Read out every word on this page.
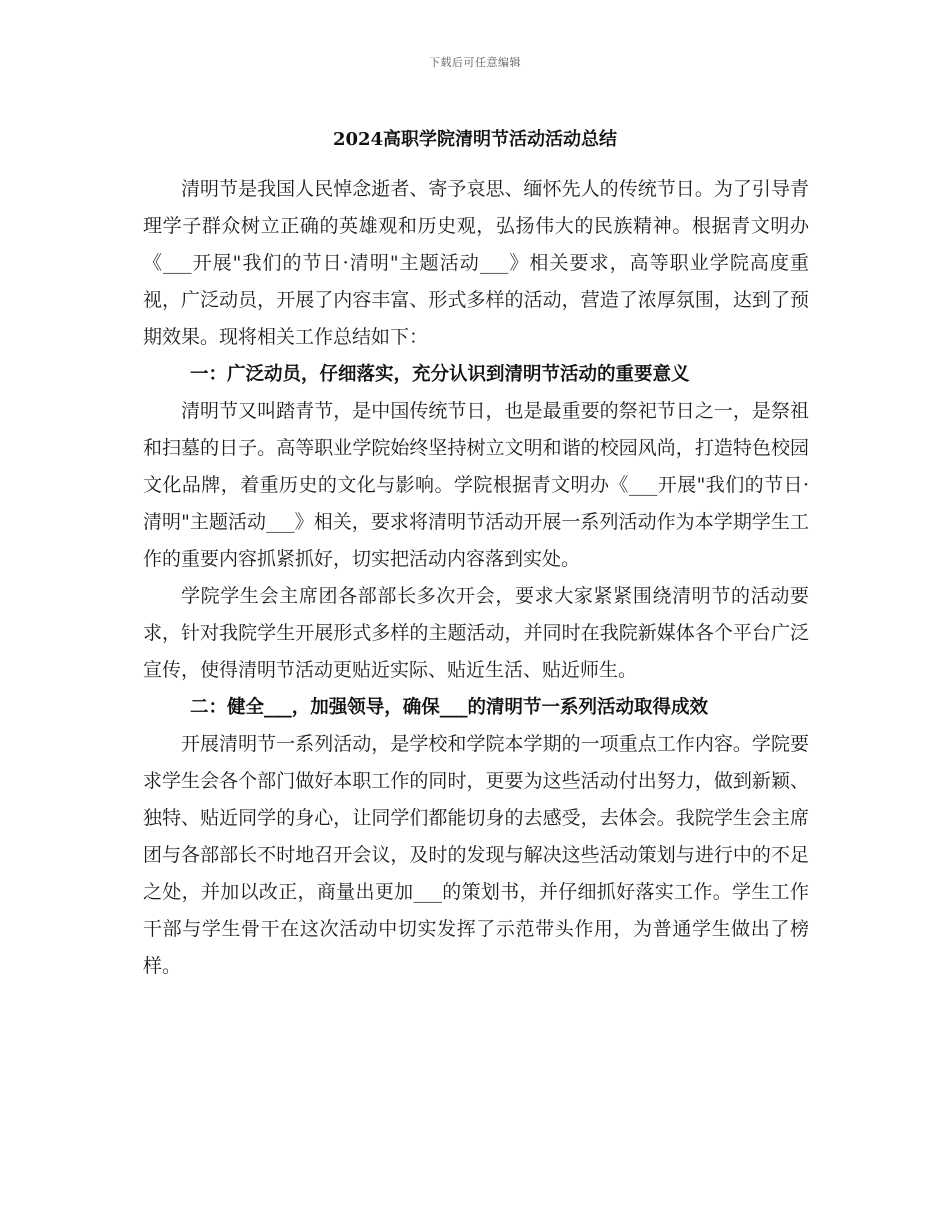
下载后可任意编辑
2024高职学院清明节活动活动总结

清明节是我国人民悼念逝者、寄予哀思、缅怀先人的传统节日。为了引导青理学子群众树立正确的英雄观和历史观，弘扬伟大的民族精神。根据青文明办《___开展"我们的节日·清明"主题活动___》相关要求，高等职业学院高度重视，广泛动员，开展了内容丰富、形式多样的活动，营造了浓厚氛围，达到了预期效果。现将相关工作总结如下：

一：广泛动员，仔细落实，充分认识到清明节活动的重要意义

清明节又叫踏青节，是中国传统节日，也是最重要的祭祀节日之一，是祭祖和扫墓的日子。高等职业学院始终坚持树立文明和谐的校园风尚，打造特色校园文化品牌，着重历史的文化与影响。学院根据青文明办《___开展"我们的节日·清明"主题活动___》相关，要求将清明节活动开展一系列活动作为本学期学生工作的重要内容抓紧抓好，切实把活动内容落到实处。

学院学生会主席团各部部长多次开会，要求大家紧紧围绕清明节的活动要求，针对我院学生开展形式多样的主题活动，并同时在我院新媒体各个平台广泛宣传，使得清明节活动更贴近实际、贴近生活、贴近师生。

二：健全___，加强领导，确保___的清明节一系列活动取得成效

开展清明节一系列活动，是学校和学院本学期的一项重点工作内容。学院要求学生会各个部门做好本职工作的同时，更要为这些活动付出努力，做到新颖、独特、贴近同学的身心，让同学们都能切身的去感受，去体会。我院学生会主席团与各部部长不时地召开会议，及时的发现与解决这些活动策划与进行中的不足之处，并加以改正，商量出更加___的策划书，并仔细抓好落实工作。学生工作干部与学生骨干在这次活动中切实发挥了示范带头作用，为普通学生做出了榜样。
